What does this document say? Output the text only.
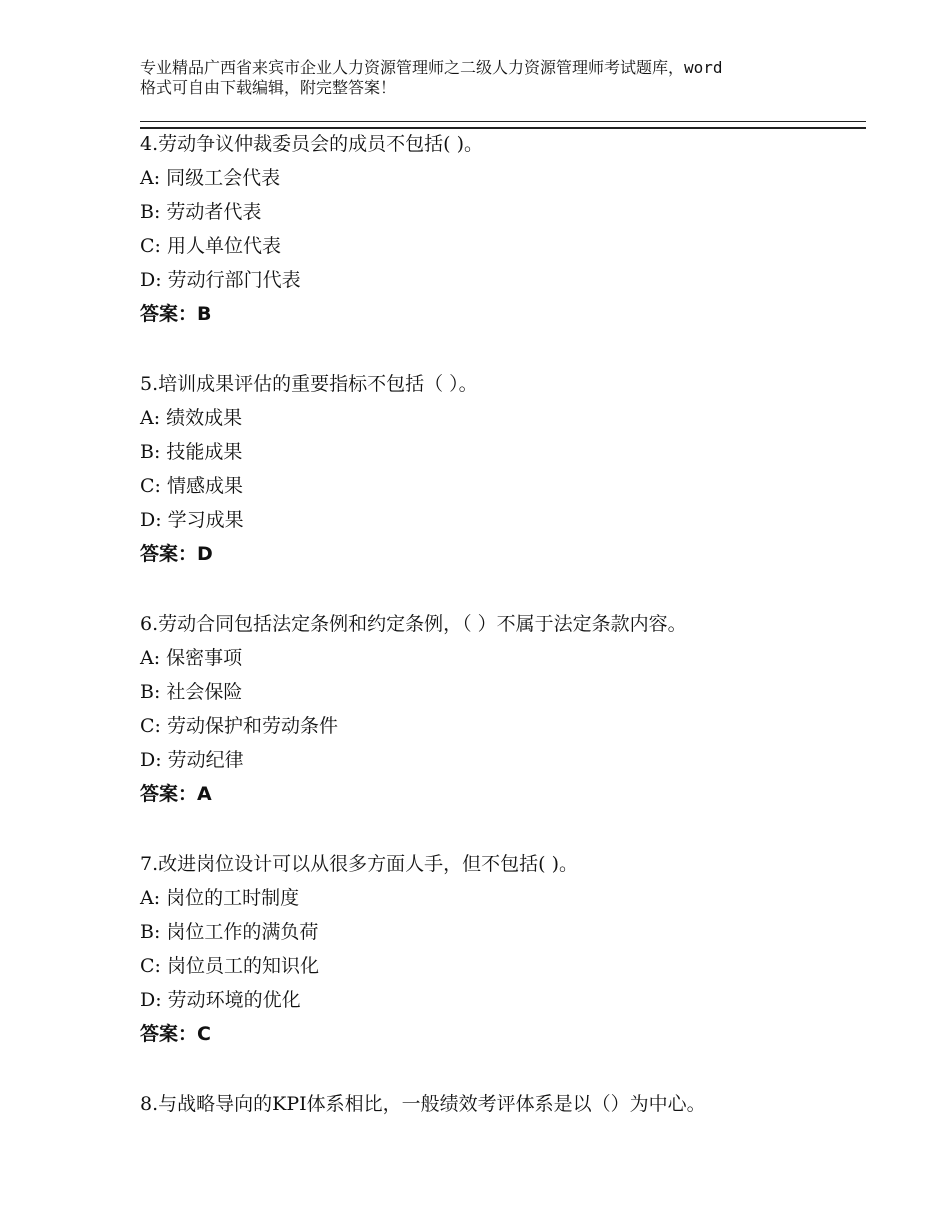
专业精品广西省来宾市企业人力资源管理师之二级人力资源管理师考试题库，word
格式可自由下载编辑，附完整答案！
4.劳动争议仲裁委员会的成员不包括( )。
A: 同级工会代表
B: 劳动者代表
C: 用人单位代表
D: 劳动行部门代表
答案：B
5.培训成果评估的重要指标不包括（ ）。
A: 绩效成果
B: 技能成果
C: 情感成果
D: 学习成果
答案：D
6.劳动合同包括法定条例和约定条例，（ ）不属于法定条款内容。
A: 保密事项
B: 社会保险
C: 劳动保护和劳动条件
D: 劳动纪律
答案：A
7.改进岗位设计可以从很多方面人手，但不包括( )。
A: 岗位的工时制度
B: 岗位工作的满负荷
C: 岗位员工的知识化
D: 劳动环境的优化
答案：C
8.与战略导向的KPI体系相比，一般绩效考评体系是以（）为中心。
